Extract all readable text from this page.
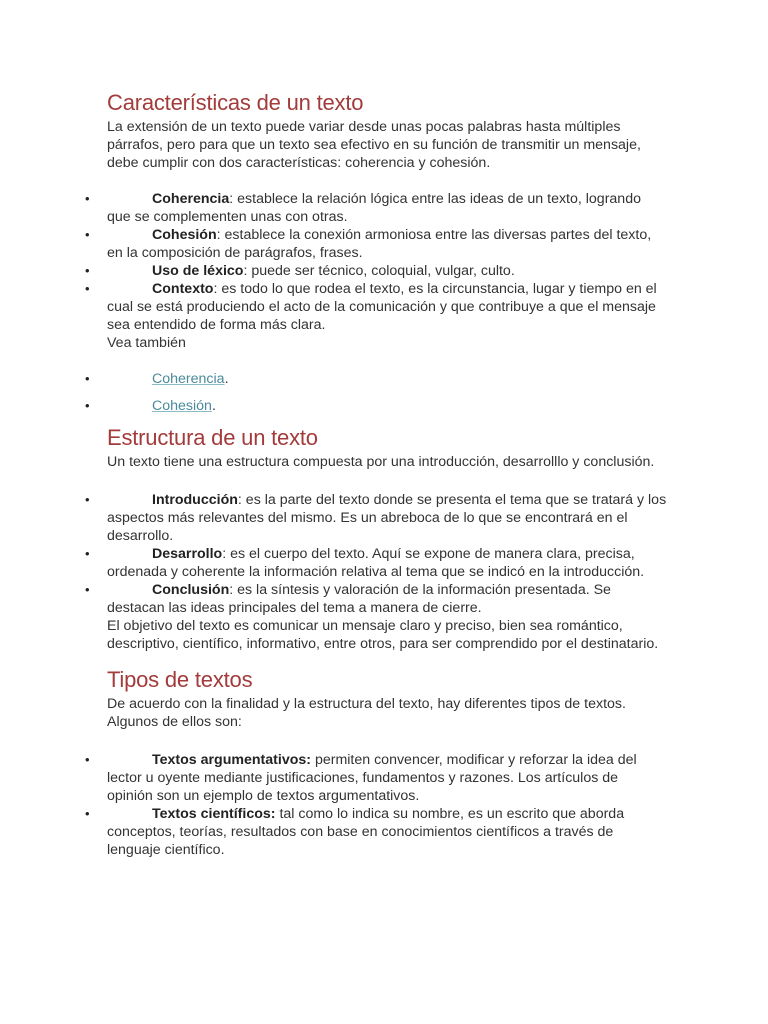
Características de un texto

La extensión de un texto puede variar desde unas pocas palabras hasta múltiples párrafos, pero para que un texto sea efectivo en su función de transmitir un mensaje, debe cumplir con dos características: coherencia y cohesión.

•	Coherencia: establece la relación lógica entre las ideas de un texto, logrando que se complementen unas con otras.
•	Cohesión: establece la conexión armoniosa entre las diversas partes del texto, en la composición de parágrafos, frases.
•	Uso de léxico: puede ser técnico, coloquial, vulgar, culto.
•	Contexto: es todo lo que rodea el texto, es la circunstancia, lugar y tiempo en el cual se está produciendo el acto de la comunicación y que contribuye a que el mensaje sea entendido de forma más clara.

Vea también

•	Coherencia.
•	Cohesión.
Estructura de un texto

Un texto tiene una estructura compuesta por una introducción, desarrolllo y conclusión.

•	Introducción: es la parte del texto donde se presenta el tema que se tratará y los aspectos más relevantes del mismo. Es un abreboca de lo que se encontrará en el desarrollo.
•	Desarrollo: es el cuerpo del texto. Aquí se expone de manera clara, precisa, ordenada y coherente la información relativa al tema que se indicó en la introducción.
•	Conclusión: es la síntesis y valoración de la información presentada. Se destacan las ideas principales del tema a manera de cierre.

El objetivo del texto es comunicar un mensaje claro y preciso, bien sea romántico, descriptivo, científico, informativo, entre otros, para ser comprendido por el destinatario.

Tipos de textos

De acuerdo con la finalidad y la estructura del texto, hay diferentes tipos de textos. Algunos de ellos son:

•	Textos argumentativos: permiten convencer, modificar y reforzar la idea del lector u oyente mediante justificaciones, fundamentos y razones. Los artículos de opinión son un ejemplo de textos argumentativos.
•	Textos científicos: tal como lo indica su nombre, es un escrito que aborda conceptos, teorías, resultados con base en conocimientos científicos a través de lenguaje científico.
